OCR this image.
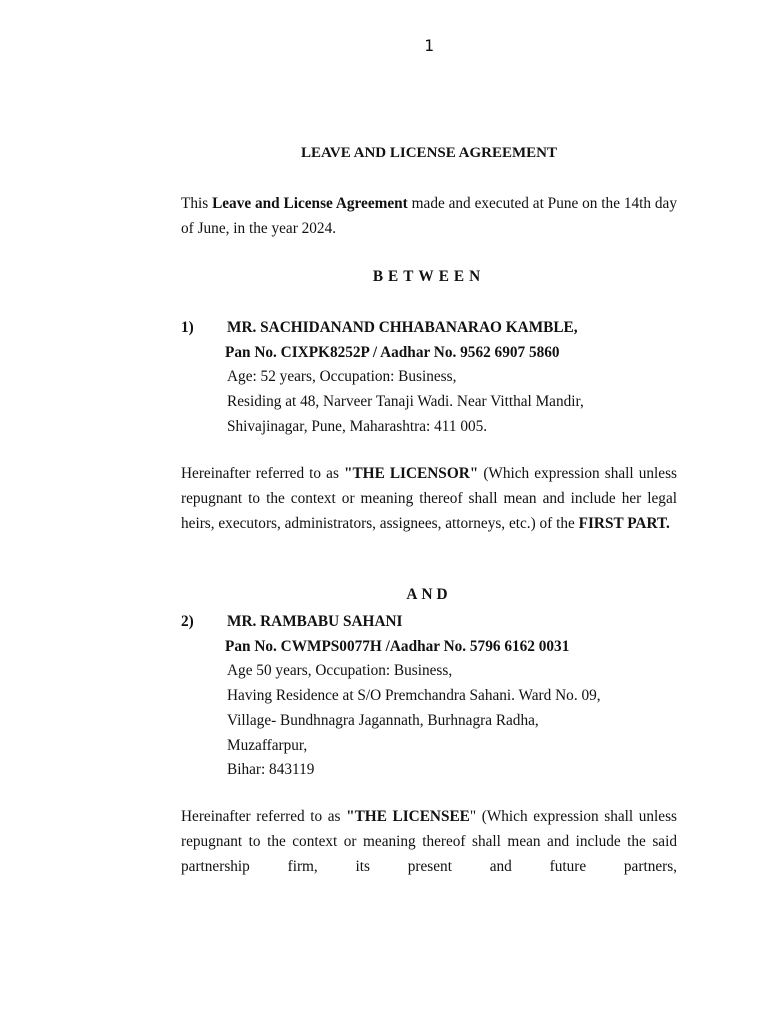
1
LEAVE AND LICENSE AGREEMENT
This Leave and License Agreement made and executed at Pune on the 14th day of June, in the year 2024.
BETWEEN
1) MR. SACHIDANAND CHHABANARAO KAMBLE,
Pan No. CIXPK8252P / Aadhar No. 9562 6907 5860
Age: 52 years, Occupation: Business,
Residing at 48, Narveer Tanaji Wadi. Near Vitthal Mandir,
Shivajinagar, Pune, Maharashtra: 411 005.
Hereinafter referred to as "THE LICENSOR" (Which expression shall unless repugnant to the context or meaning thereof shall mean and include her legal heirs, executors, administrators, assignees, attorneys, etc.) of the FIRST PART.
AND
2) MR. RAMBABU SAHANI
Pan No. CWMPS0077H /Aadhar No. 5796 6162 0031
Age 50 years, Occupation: Business,
Having Residence at S/O Premchandra Sahani. Ward No. 09,
Village- Bundhnagra Jagannath, Burhnagra Radha,
Muzaffarpur,
Bihar: 843119
Hereinafter referred to as "THE LICENSEE" (Which expression shall unless repugnant to the context or meaning thereof shall mean and include the said partnership firm, its present and future partners,
